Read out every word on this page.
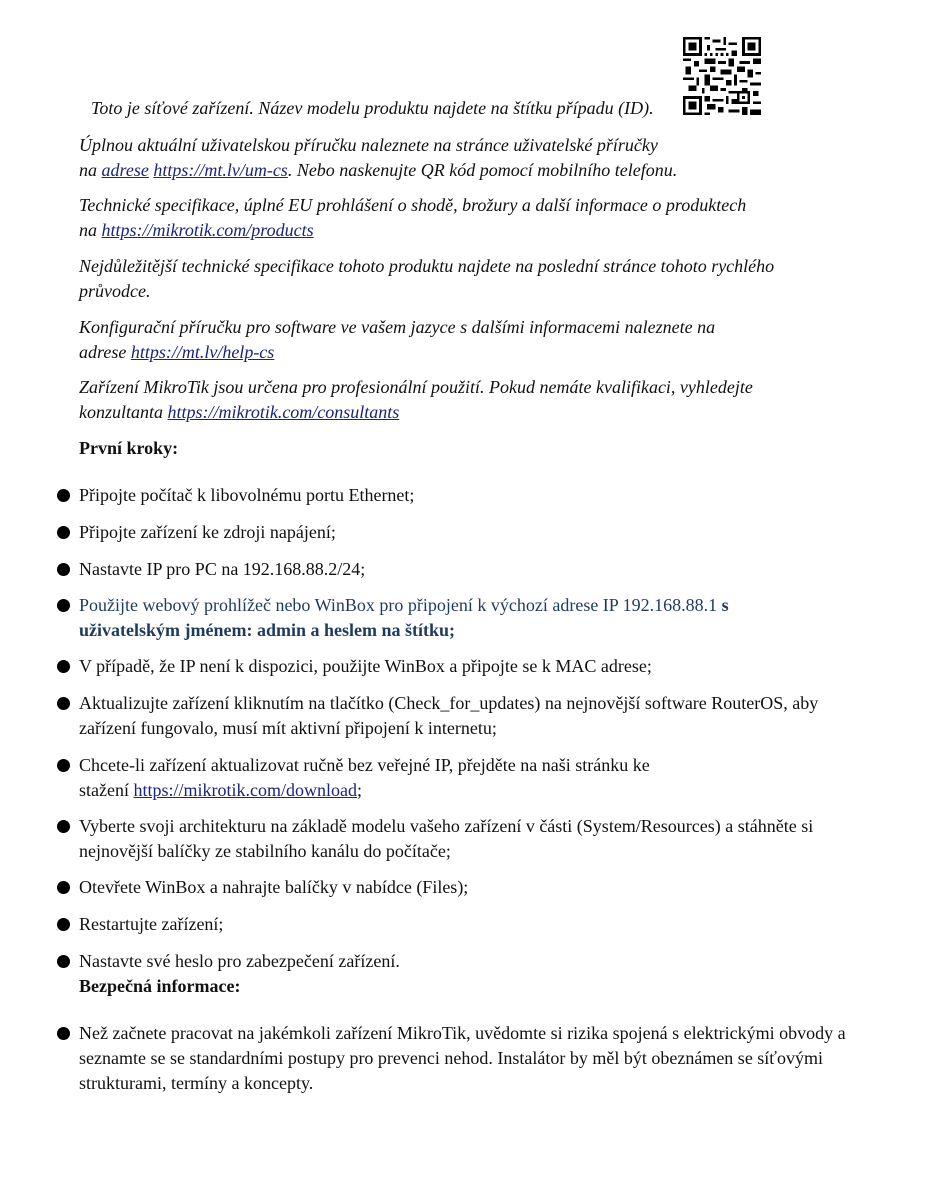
Toto je síťové zařízení. Název modelu produktu najdete na štítku případu (ID).
Úplnou aktuální uživatelskou příručku naleznete na stránce uživatelské příručky
na adrese https://mt.lv/um-cs. Nebo naskenujte QR kód pomocí mobilního telefonu.
Technické specifikace, úplné EU prohlášení o shodě, brožury a další informace o produktech
na https://mikrotik.com/products
Nejdůležitější technické specifikace tohoto produktu najdete na poslední stránce tohoto rychlého průvodce.
Konfigurační příručku pro software ve vašem jazyce s dalšími informacemi naleznete na
adrese https://mt.lv/help-cs
Zařízení MikroTik jsou určena pro profesionální použití. Pokud nemáte kvalifikaci, vyhledejte
konzultanta https://mikrotik.com/consultants
První kroky:
Připojte počítač k libovolnému portu Ethernet;
Připojte zařízení ke zdroji napájení;
Nastavte IP pro PC na 192.168.88.2/24;
Použijte webový prohlížeč nebo WinBox pro připojení k výchozí adrese IP 192.168.88.1 s uživatelským jménem: admin a heslem na štítku;
V případě, že IP není k dispozici, použijte WinBox a připojte se k MAC adrese;
Aktualizujte zařízení kliknutím na tlačítko (Check_for_updates) na nejnovější software RouterOS, aby zařízení fungovalo, musí mít aktivní připojení k internetu;
Chcete-li zařízení aktualizovat ručně bez veřejné IP, přejděte na naši stránku ke
stažení https://mikrotik.com/download;
Vyberte svoji architekturu na základě modelu vašeho zařízení v části (System/Resources) a stáhněte si nejnovější balíčky ze stabilního kanálu do počítače;
Otevřete WinBox a nahrajte balíčky v nabídce (Files);
Restartujte zařízení;
Nastavte své heslo pro zabezpečení zařízení.
Bezpečná informace:
Než začnete pracovat na jakémkoli zařízení MikroTik, uvědomte si rizika spojená s elektrickými obvody a seznamte se se standardními postupy pro prevenci nehod. Instalátor by měl být obeznámen se síťovými strukturami, termíny a koncepty.
